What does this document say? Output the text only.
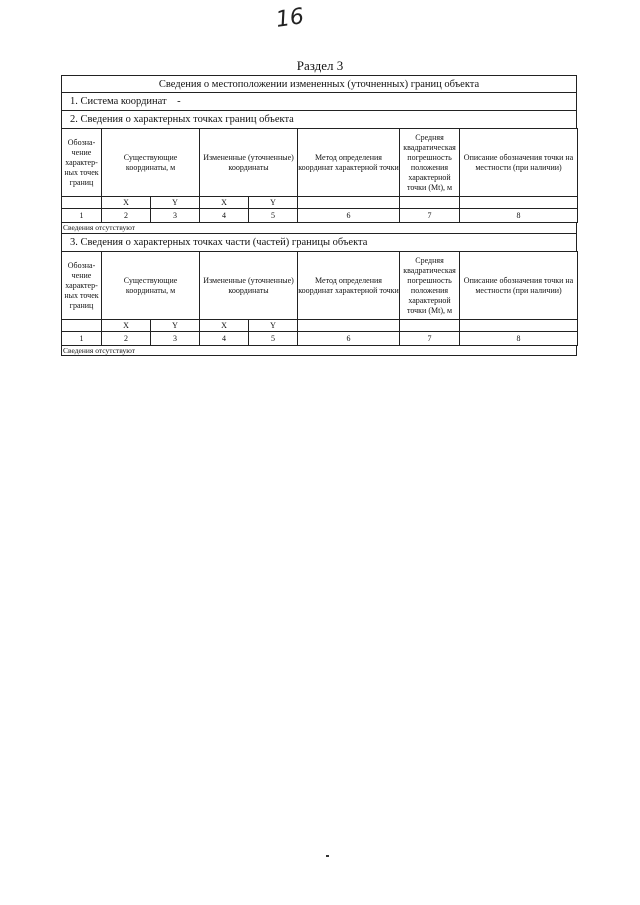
16
Раздел 3
Сведения о местоположении измененных (уточненных) границ объекта
1. Система координат -
2. Сведения о характерных точках границ объекта
Обозна-чение характер-ных точек границ	Существующие координаты, м		Измененные (уточненные) координаты		Метод определения координат характерной точки	Средняя квадратическая погрешность положения характерной точки (Mt), м	Описание обозначения точки на местности (при наличии)
	X	Y	X	Y			
1	2	3	4	5	6	7	8
Сведения отсутствуют
3. Сведения о характерных точках части (частей) границы объекта
Обозна-чение характер-ных точек границ	Существующие координаты, м		Измененные (уточненные) координаты		Метод определения координат характерной точки	Средняя квадратическая погрешность положения характерной точки (Mt), м	Описание обозначения точки на местности (при наличии)
	X	Y	X	Y			
1	2	3	4	5	6	7	8
Сведения отсутствуют
